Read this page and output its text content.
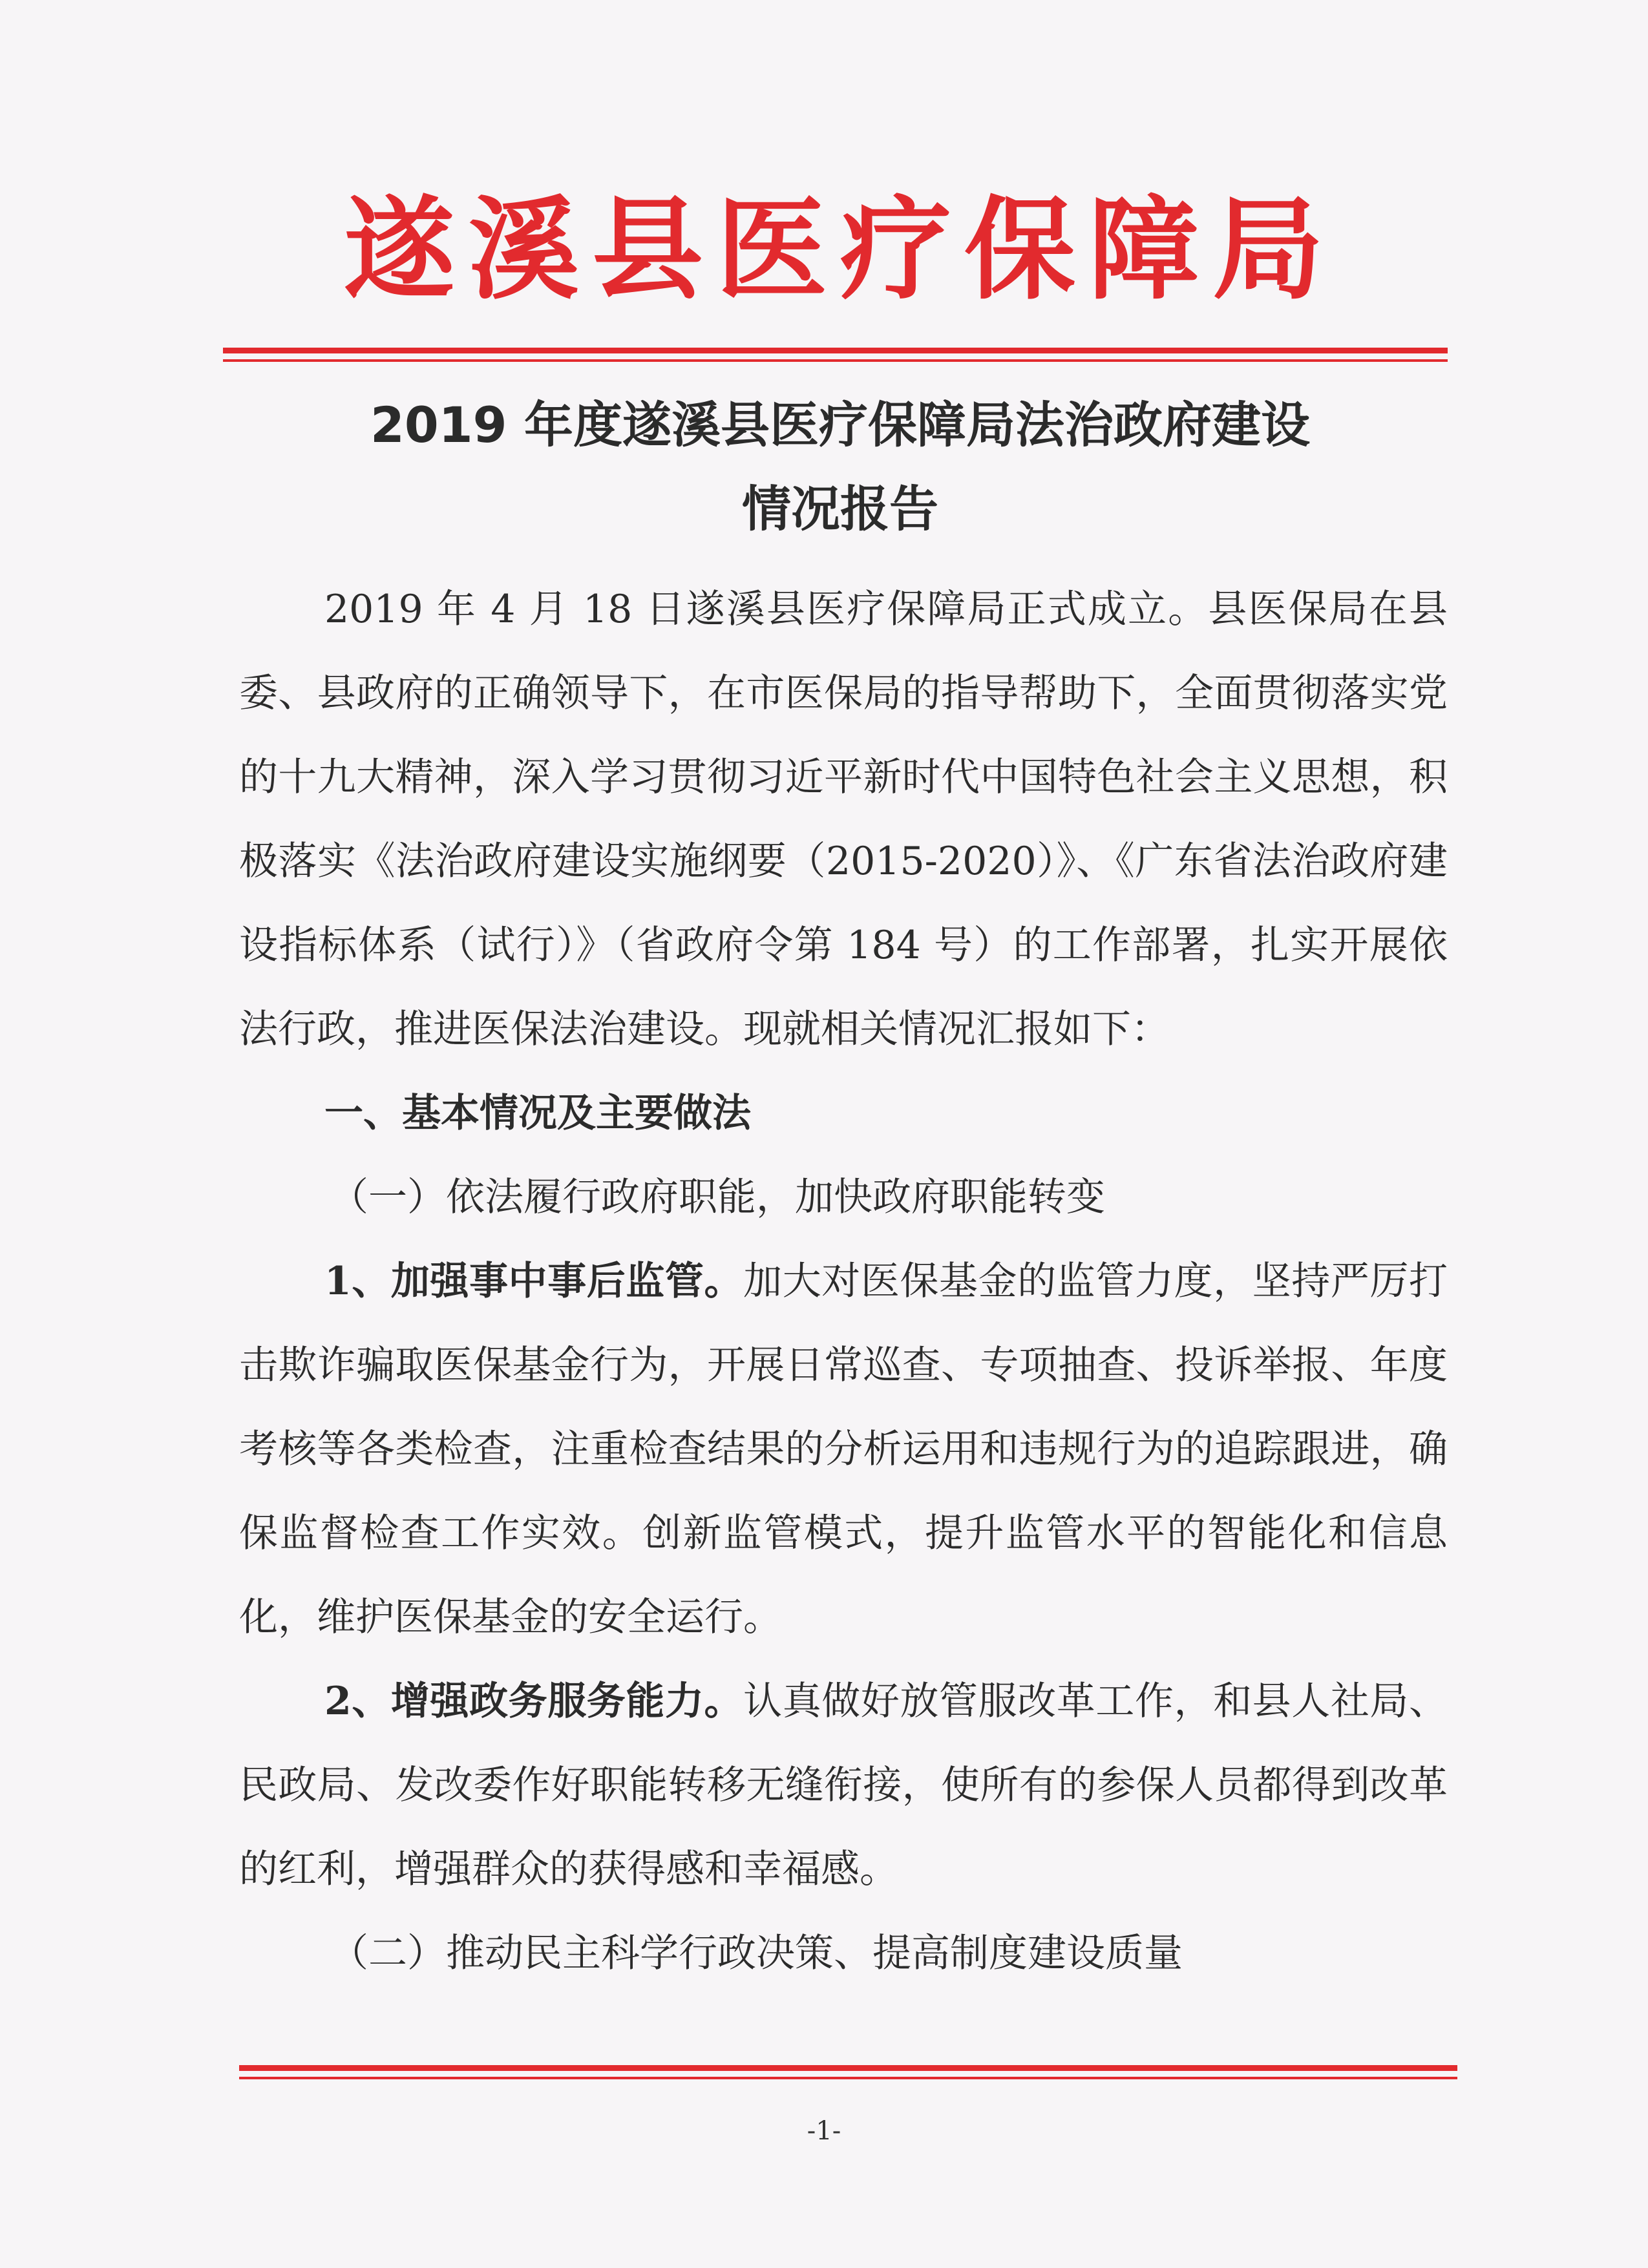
遂溪县医疗保障局
2019 年度遂溪县医疗保障局法治政府建设
情况报告

2019 年 4 月 18 日遂溪县医疗保障局正式成立。县医保局在县委、县政府的正确领导下，在市医保局的指导帮助下，全面贯彻落实党的十九大精神，深入学习贯彻习近平新时代中国特色社会主义思想，积极落实《法治政府建设实施纲要（2015-2020）》、《广东省法治政府建设指标体系（试行）》（省政府令第 184 号）的工作部署，扎实开展依法行政，推进医保法治建设。现就相关情况汇报如下：

一、基本情况及主要做法

（一）依法履行政府职能，加快政府职能转变

1、加强事中事后监管。加大对医保基金的监管力度，坚持严厉打击欺诈骗取医保基金行为，开展日常巡查、专项抽查、投诉举报、年度考核等各类检查，注重检查结果的分析运用和违规行为的追踪跟进，确保监督检查工作实效。创新监管模式，提升监管水平的智能化和信息化，维护医保基金的安全运行。

2、增强政务服务能力。认真做好放管服改革工作，和县人社局、民政局、发改委作好职能转移无缝衔接，使所有的参保人员都得到改革的红利，增强群众的获得感和幸福感。

（二）推动民主科学行政决策、提高制度建设质量

-1-
